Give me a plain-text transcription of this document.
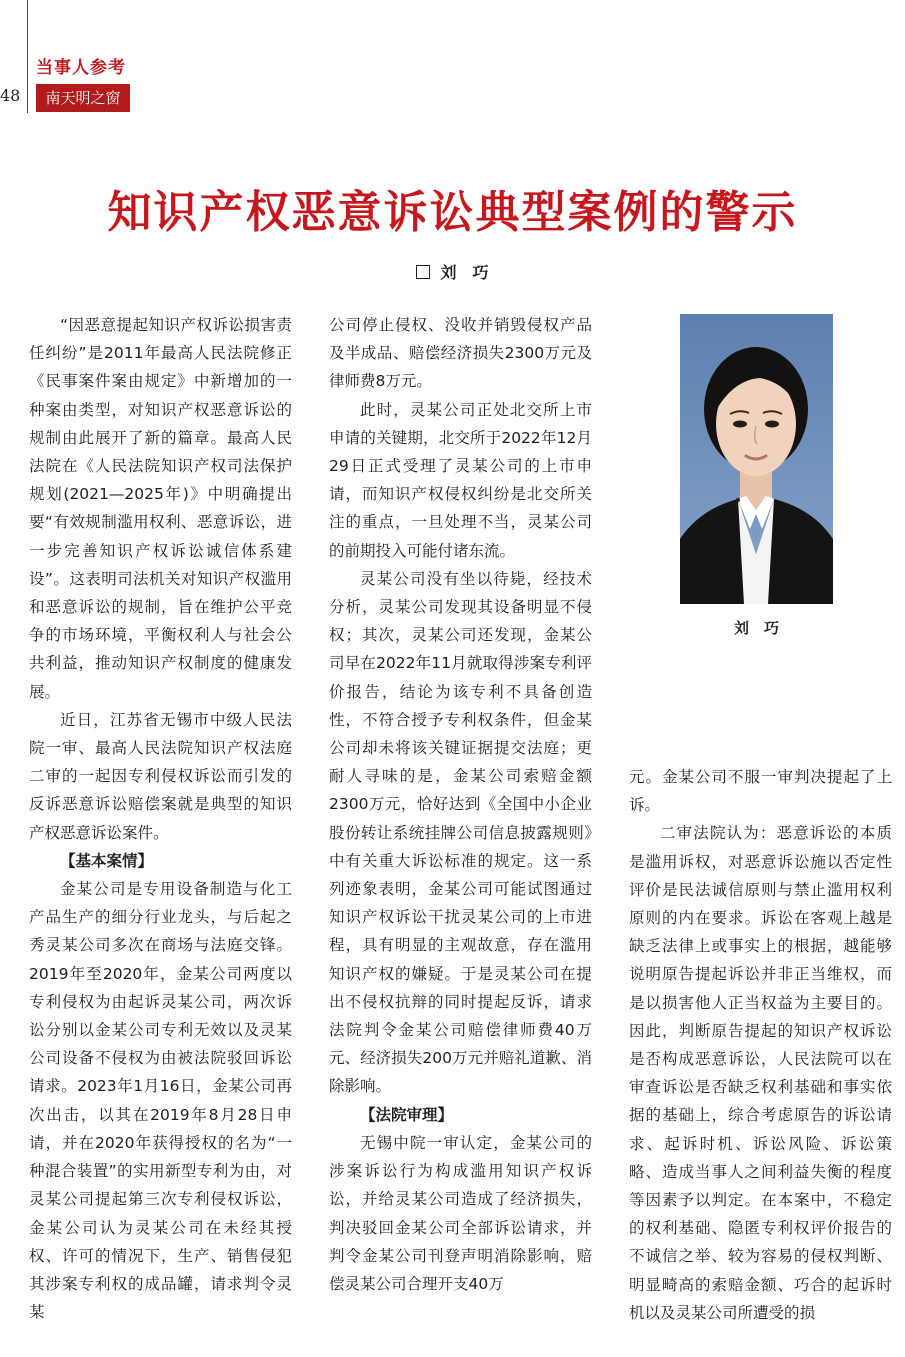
48
当事人参考
南天明之窗
知识产权恶意诉讼典型案例的警示
刘　巧

“因恶意提起知识产权诉讼损害责任纠纷”是2011年最高人民法院修正《民事案件案由规定》中新增加的一种案由类型，对知识产权恶意诉讼的规制由此展开了新的篇章。最高人民法院在《人民法院知识产权司法保护规划(2021—2025年)》中明确提出要“有效规制滥用权利、恶意诉讼，进一步完善知识产权诉讼诚信体系建设”。这表明司法机关对知识产权滥用和恶意诉讼的规制，旨在维护公平竞争的市场环境，平衡权利人与社会公共利益，推动知识产权制度的健康发展。

近日，江苏省无锡市中级人民法院一审、最高人民法院知识产权法庭二审的一起因专利侵权诉讼而引发的反诉恶意诉讼赔偿案就是典型的知识产权恶意诉讼案件。

【基本案情】

金某公司是专用设备制造与化工产品生产的细分行业龙头，与后起之秀灵某公司多次在商场与法庭交锋。2019年至2020年，金某公司两度以专利侵权为由起诉灵某公司，两次诉讼分别以金某公司专利无效以及灵某公司设备不侵权为由被法院驳回诉讼请求。2023年1月16日，金某公司再次出击，以其在2019年8月28日申请，并在2020年获得授权的名为“一种混合装置”的实用新型专利为由，对灵某公司提起第三次专利侵权诉讼，金某公司认为灵某公司在未经其授权、许可的情况下，生产、销售侵犯其涉案专利权的成品罐，请求判令灵某

公司停止侵权、没收并销毁侵权产品及半成品、赔偿经济损失2300万元及律师费8万元。

此时，灵某公司正处北交所上市申请的关键期，北交所于2022年12月29日正式受理了灵某公司的上市申请，而知识产权侵权纠纷是北交所关注的重点，一旦处理不当，灵某公司的前期投入可能付诸东流。

灵某公司没有坐以待毙，经技术分析，灵某公司发现其设备明显不侵权；其次，灵某公司还发现，金某公司早在2022年11月就取得涉案专利评价报告，结论为该专利不具备创造性，不符合授予专利权条件，但金某公司却未将该关键证据提交法庭；更耐人寻味的是，金某公司索赔金额2300万元，恰好达到《全国中小企业股份转让系统挂牌公司信息披露规则》中有关重大诉讼标准的规定。这一系列迹象表明，金某公司可能试图通过知识产权诉讼干扰灵某公司的上市进程，具有明显的主观故意，存在滥用知识产权的嫌疑。于是灵某公司在提出不侵权抗辩的同时提起反诉，请求法院判令金某公司赔偿律师费40万元、经济损失200万元并赔礼道歉、消除影响。

【法院审理】

无锡中院一审认定，金某公司的涉案诉讼行为构成滥用知识产权诉讼，并给灵某公司造成了经济损失，判决驳回金某公司全部诉讼请求，并判令金某公司刊登声明消除影响，赔偿灵某公司合理开支40万

刘　巧

元。金某公司不服一审判决提起了上诉。

二审法院认为：恶意诉讼的本质是滥用诉权，对恶意诉讼施以否定性评价是民法诚信原则与禁止滥用权利原则的内在要求。诉讼在客观上越是缺乏法律上或事实上的根据，越能够说明原告提起诉讼并非正当维权，而是以损害他人正当权益为主要目的。因此，判断原告提起的知识产权诉讼是否构成恶意诉讼，人民法院可以在审查诉讼是否缺乏权利基础和事实依据的基础上，综合考虑原告的诉讼请求、起诉时机、诉讼风险、诉讼策略、造成当事人之间利益失衡的程度等因素予以判定。在本案中，不稳定的权利基础、隐匿专利权评价报告的不诚信之举、较为容易的侵权判断、明显畸高的索赔金额、巧合的起诉时机以及灵某公司所遭受的损
